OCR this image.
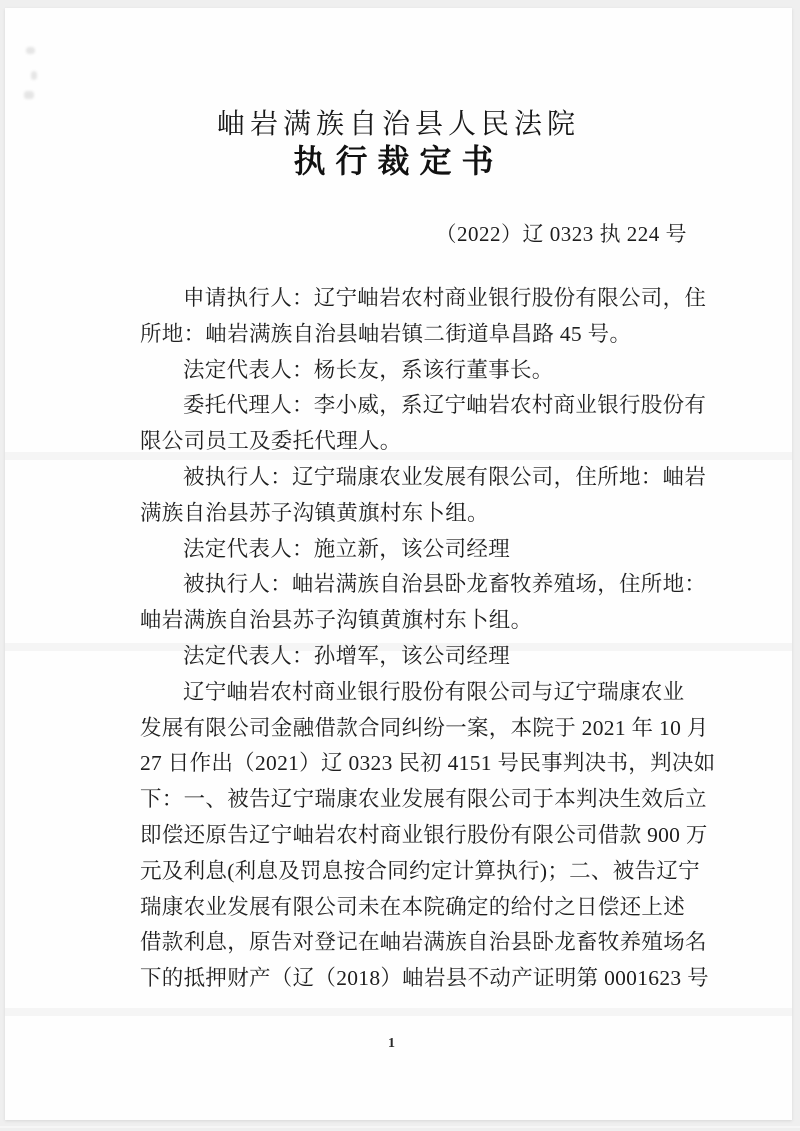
岫岩满族自治县人民法院
执行裁定书
（2022）辽 0323 执 224 号
申请执行人：辽宁岫岩农村商业银行股份有限公司，住
所地：岫岩满族自治县岫岩镇二街道阜昌路 45 号。
法定代表人：杨长友，系该行董事长。
委托代理人：李小威，系辽宁岫岩农村商业银行股份有
限公司员工及委托代理人。
被执行人：辽宁瑞康农业发展有限公司，住所地：岫岩
满族自治县苏子沟镇黄旗村东卜组。
法定代表人：施立新，该公司经理
被执行人：岫岩满族自治县卧龙畜牧养殖场，住所地：
岫岩满族自治县苏子沟镇黄旗村东卜组。
法定代表人：孙增军，该公司经理
辽宁岫岩农村商业银行股份有限公司与辽宁瑞康农业
发展有限公司金融借款合同纠纷一案，本院于 2021 年 10 月
27 日作出（2021）辽 0323 民初 4151 号民事判决书，判决如
下：一、被告辽宁瑞康农业发展有限公司于本判决生效后立
即偿还原告辽宁岫岩农村商业银行股份有限公司借款 900 万
元及利息(利息及罚息按合同约定计算执行)；二、被告辽宁
瑞康农业发展有限公司未在本院确定的给付之日偿还上述
借款利息，原告对登记在岫岩满族自治县卧龙畜牧养殖场名
下的抵押财产（辽（2018）岫岩县不动产证明第 0001623 号
1
